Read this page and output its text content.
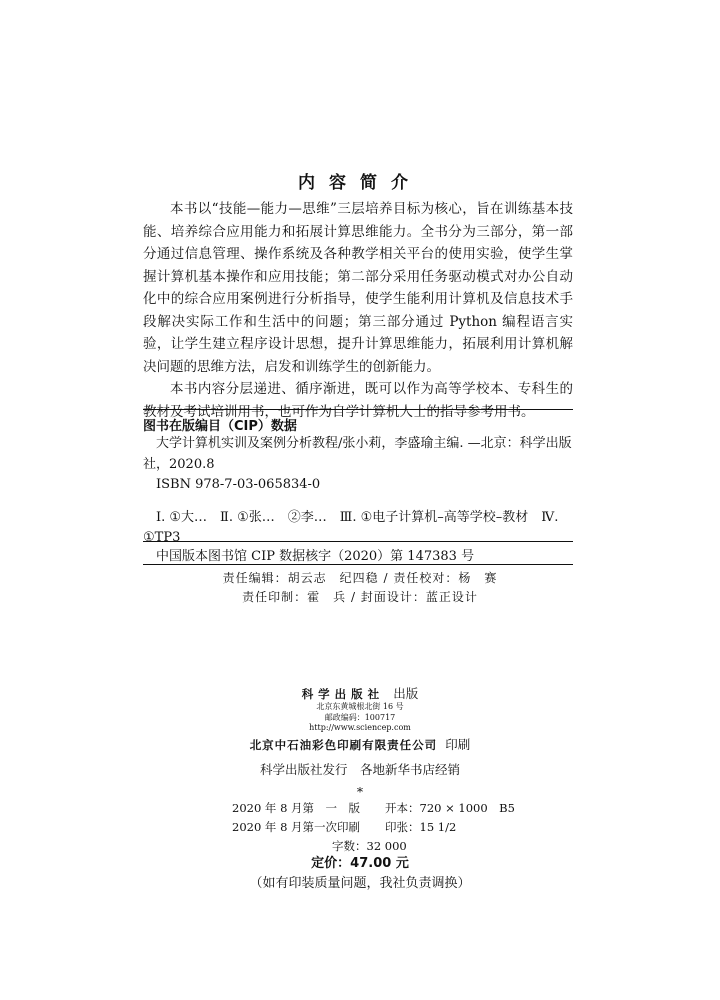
内容简介

本书以“技能—能力—思维”三层培养目标为核心，旨在训练基本技能、培养综合应用能力和拓展计算思维能力。全书分为三部分，第一部分通过信息管理、操作系统及各种教学相关平台的使用实验，使学生掌握计算机基本操作和应用技能；第二部分采用任务驱动模式对办公自动化中的综合应用案例进行分析指导，使学生能利用计算机及信息技术手段解决实际工作和生活中的问题；第三部分通过 Python 编程语言实验，让学生建立程序设计思想，提升计算思维能力，拓展利用计算机解决问题的思维方法，启发和训练学生的创新能力。

本书内容分层递进、循序渐进，既可以作为高等学校本、专科生的教材及考试培训用书，也可作为自学计算机人士的指导参考用书。

图书在版编目（CIP）数据

大学计算机实训及案例分析教程/张小莉，李盛瑜主编. —北京：科学出版社，2020.8

ISBN 978-7-03-065834-0

Ⅰ. ①大…　Ⅱ. ①张…　②李…　Ⅲ. ①电子计算机–高等学校–教材　Ⅳ. ①TP3

中国版本图书馆 CIP 数据核字（2020）第 147383 号
责任编辑：胡云志　纪四稳 / 责任校对：杨　赛
责任印制：霍　兵 / 封面设计：蓝正设计
科学出版社 出版
北京东黄城根北街 16 号
邮政编码：100717
http://www.sciencep.com
北京中石油彩色印刷有限责任公司 印刷
科学出版社发行　各地新华书店经销
*
2020 年 8 月第　一　版 开本：720 × 1000　B5
2020 年 8 月第一次印刷 印张：15 1/2
字数：32 000
定价：47.00 元
（如有印装质量问题，我社负责调换）
